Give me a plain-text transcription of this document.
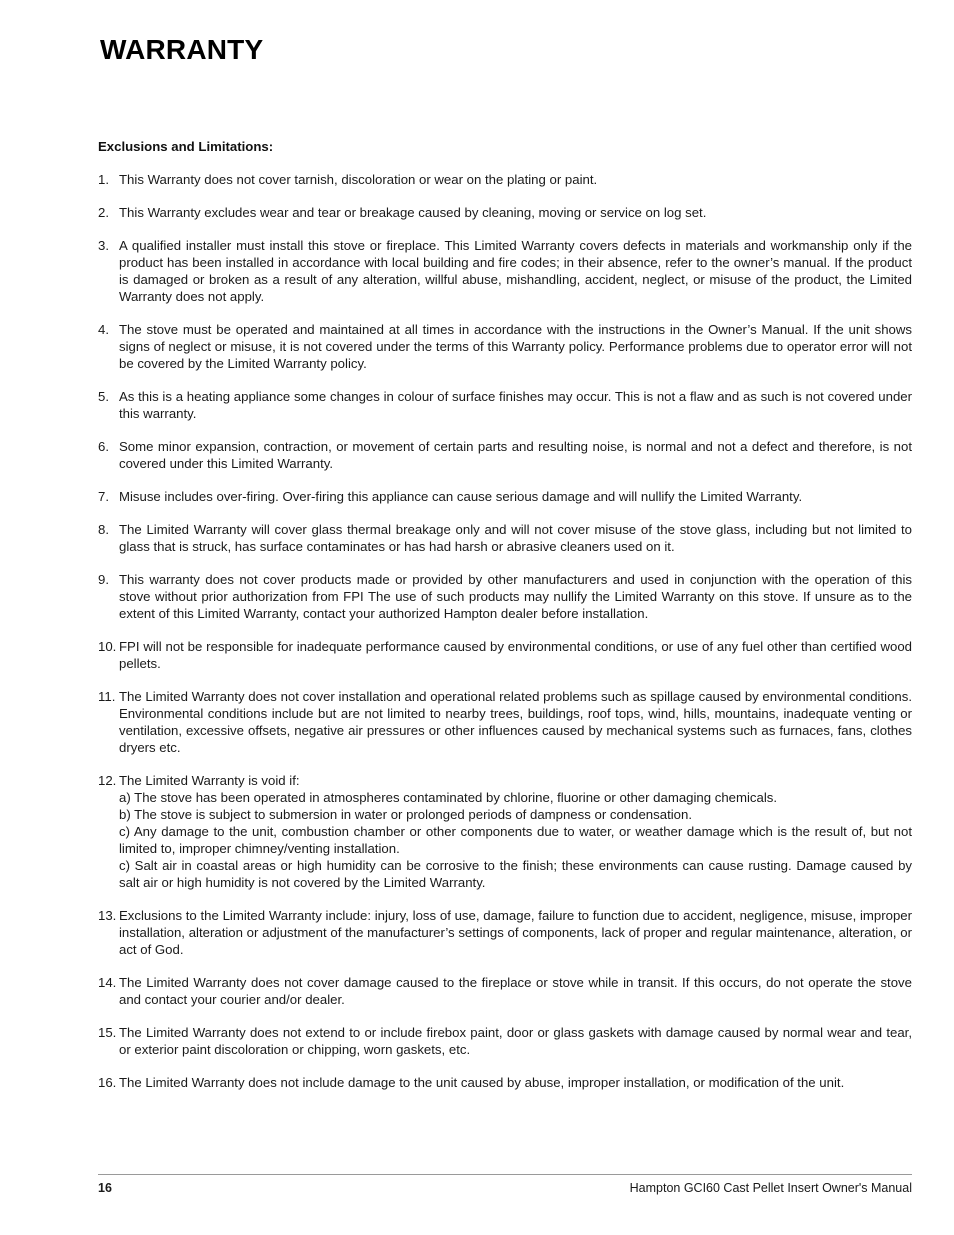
WARRANTY
Exclusions and Limitations:
1. This Warranty does not cover tarnish, discoloration or wear on the plating or paint.
2. This Warranty excludes wear and tear or breakage caused by cleaning, moving or service on log set.
3. A qualified installer must install this stove or fireplace. This Limited Warranty covers defects in materials and workmanship only if the product has been installed in accordance with local building and fire codes; in their absence, refer to the owner’s manual. If the product is damaged or broken as a result of any alteration, willful abuse, mishandling, accident, neglect, or misuse of the product, the Limited Warranty does not apply.
4. The stove must be operated and maintained at all times in accordance with the instructions in the Owner’s Manual. If the unit shows signs of neglect or misuse, it is not covered under the terms of this Warranty policy. Performance problems due to operator error will not be covered by the Limited Warranty policy.
5. As this is a heating appliance some changes in colour of surface finishes may occur. This is not a flaw and as such is not covered under this warranty.
6. Some minor expansion, contraction, or movement of certain parts and resulting noise, is normal and not a defect and therefore, is not covered under this Limited Warranty.
7. Misuse includes over-firing. Over-firing this appliance can cause serious damage and will nullify the Limited Warranty.
8. The Limited Warranty will cover glass thermal breakage only and will not cover misuse of the stove glass, including but not limited to glass that is struck, has surface contaminates or has had harsh or abrasive cleaners used on it.
9. This warranty does not cover products made or provided by other manufacturers and used in conjunction with the operation of this stove without prior authorization from FPI The use of such products may nullify the Limited Warranty on this stove. If unsure as to the extent of this Limited Warranty, contact your authorized Hampton dealer before installation.
10. FPI will not be responsible for inadequate performance caused by environmental conditions, or use of any fuel other than certified wood pellets.
11. The Limited Warranty does not cover installation and operational related problems such as spillage caused by environmental conditions. Environmental conditions include but are not limited to nearby trees, buildings, roof tops, wind, hills, mountains, inadequate venting or ventilation, excessive offsets, negative air pressures or other influences caused by mechanical systems such as furnaces, fans, clothes dryers etc.
12. The Limited Warranty is void if:
a) The stove has been operated in atmospheres contaminated by chlorine, fluorine or other damaging chemicals.
b) The stove is subject to submersion in water or prolonged periods of dampness or condensation.
c) Any damage to the unit, combustion chamber or other components due to water, or weather damage which is the result of, but not limited to, improper chimney/venting installation.
c) Salt air in coastal areas or high humidity can be corrosive to the finish; these environments can cause rusting. Damage caused by salt air or high humidity is not covered by the Limited Warranty.
13. Exclusions to the Limited Warranty include: injury, loss of use, damage, failure to function due to accident, negligence, misuse, improper installation, alteration or adjustment of the manufacturer’s settings of components, lack of proper and regular maintenance, alteration, or act of God.
14. The Limited Warranty does not cover damage caused to the fireplace or stove while in transit. If this occurs, do not operate the stove and contact your courier and/or dealer.
15. The Limited Warranty does not extend to or include firebox paint, door or glass gaskets with damage caused by normal wear and tear, or exterior paint discoloration or chipping, worn gaskets, etc.
16. The Limited Warranty does not include damage to the unit caused by abuse, improper installation, or modification of the unit.
16	Hampton GCI60 Cast Pellet Insert Owner's Manual
